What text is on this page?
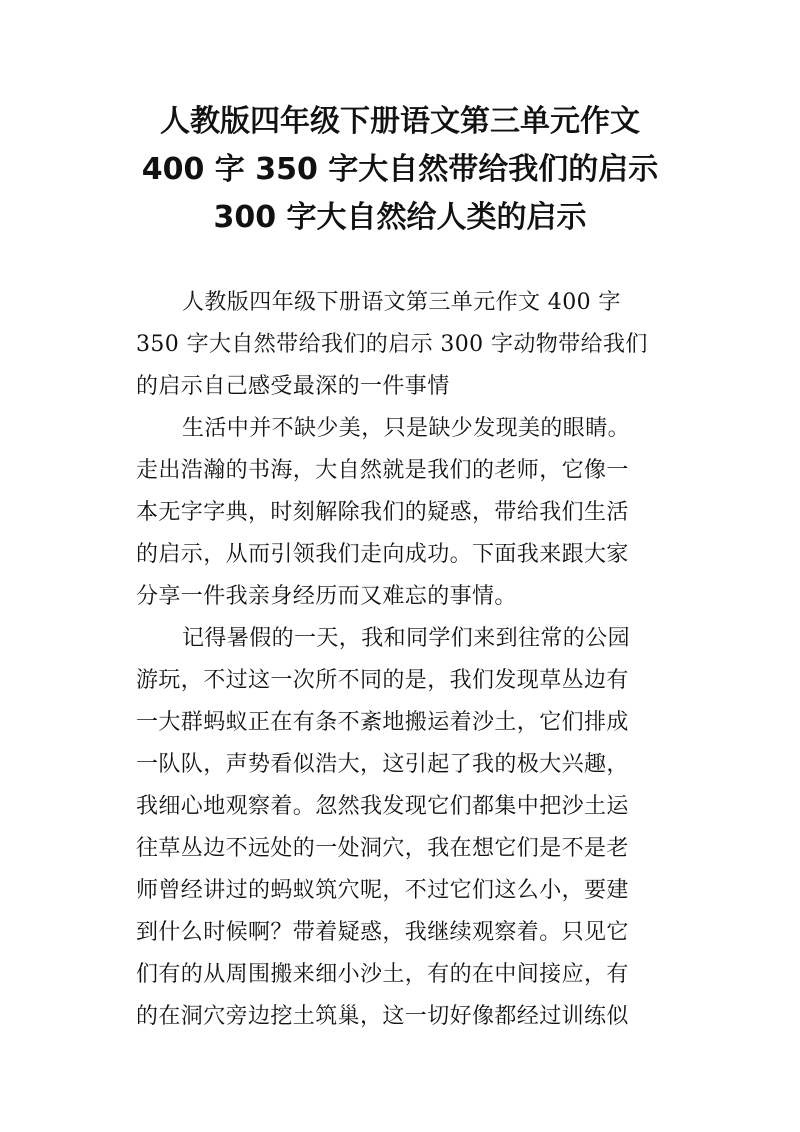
人教版四年级下册语文第三单元作文
400 字 350 字大自然带给我们的启示
300 字大自然给人类的启示
人教版四年级下册语文第三单元作文 400 字
350 字大自然带给我们的启示 300 字动物带给我们
的启示自己感受最深的一件事情
生活中并不缺少美，只是缺少发现美的眼睛。
走出浩瀚的书海，大自然就是我们的老师，它像一
本无字字典，时刻解除我们的疑惑，带给我们生活
的启示，从而引领我们走向成功。下面我来跟大家
分享一件我亲身经历而又难忘的事情。
记得暑假的一天，我和同学们来到往常的公园
游玩，不过这一次所不同的是，我们发现草丛边有
一大群蚂蚁正在有条不紊地搬运着沙土，它们排成
一队队，声势看似浩大，这引起了我的极大兴趣，
我细心地观察着。忽然我发现它们都集中把沙土运
往草丛边不远处的一处洞穴，我在想它们是不是老
师曾经讲过的蚂蚁筑穴呢，不过它们这么小，要建
到什么时候啊？带着疑惑，我继续观察着。只见它
们有的从周围搬来细小沙土，有的在中间接应，有
的在洞穴旁边挖土筑巢，这一切好像都经过训练似
